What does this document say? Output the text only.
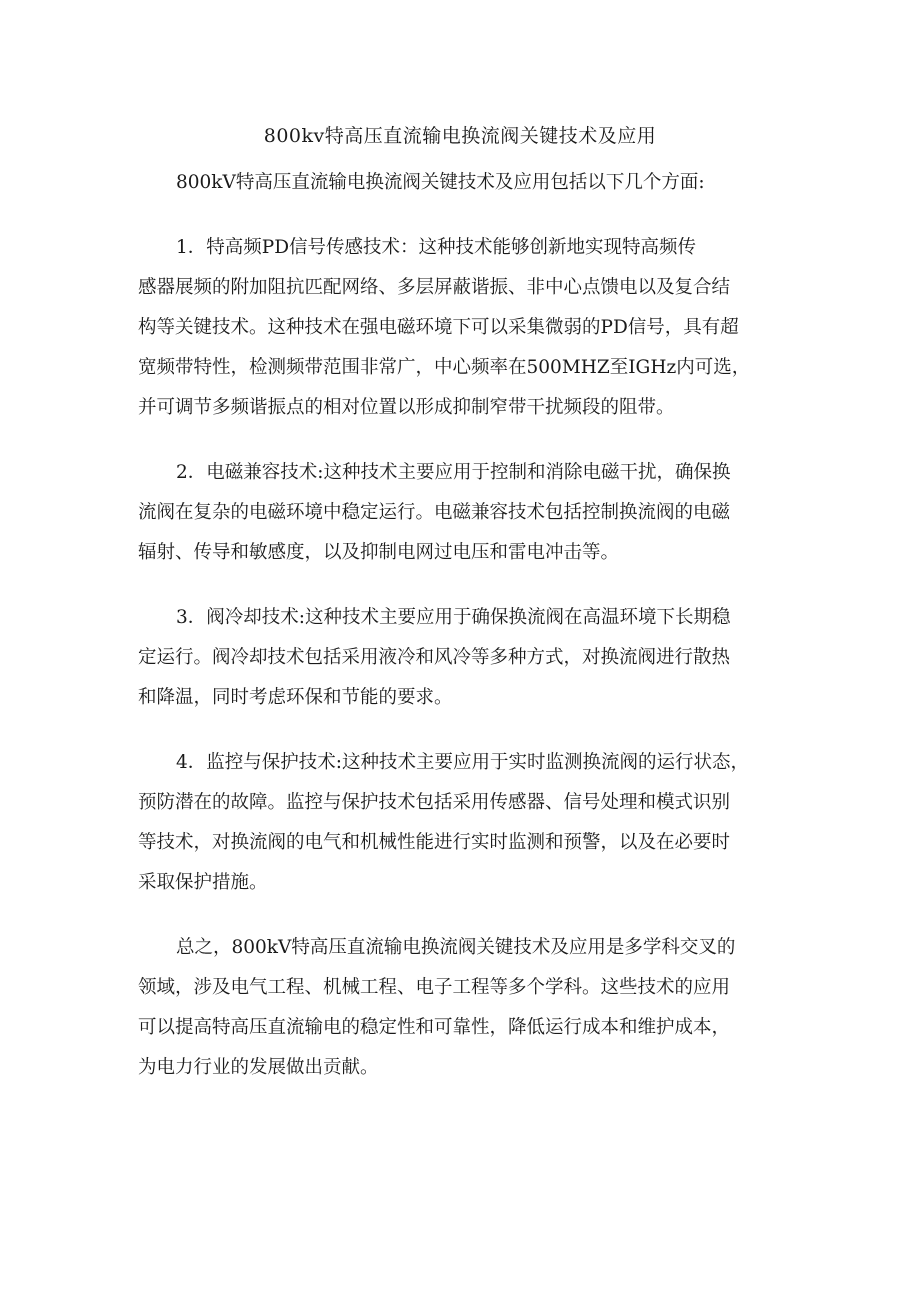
800kv特高压直流输电换流阀关键技术及应用

800kV特高压直流输电换流阀关键技术及应用包括以下几个方面:

1．特高频PD信号传感技术：这种技术能够创新地实现特高频传
感器展频的附加阻抗匹配网络、多层屏蔽谐振、非中心点馈电以及复合结
构等关键技术。这种技术在强电磁环境下可以采集微弱的PD信号，具有超
宽频带特性，检测频带范围非常广，中心频率在500MHZ至IGHz内可选，
并可调节多频谐振点的相对位置以形成抑制窄带干扰频段的阻带。

2．电磁兼容技术:这种技术主要应用于控制和消除电磁干扰，确保换
流阀在复杂的电磁环境中稳定运行。电磁兼容技术包括控制换流阀的电磁
辐射、传导和敏感度，以及抑制电网过电压和雷电冲击等。

3．阀冷却技术:这种技术主要应用于确保换流阀在高温环境下长期稳
定运行。阀冷却技术包括采用液冷和风冷等多种方式，对换流阀进行散热
和降温，同时考虑环保和节能的要求。

4．监控与保护技术:这种技术主要应用于实时监测换流阀的运行状态，
预防潜在的故障。监控与保护技术包括采用传感器、信号处理和模式识别
等技术，对换流阀的电气和机械性能进行实时监测和预警，以及在必要时
采取保护措施。

总之，800kV特高压直流输电换流阀关键技术及应用是多学科交叉的
领域，涉及电气工程、机械工程、电子工程等多个学科。这些技术的应用
可以提高特高压直流输电的稳定性和可靠性，降低运行成本和维护成本，
为电力行业的发展做出贡献。
